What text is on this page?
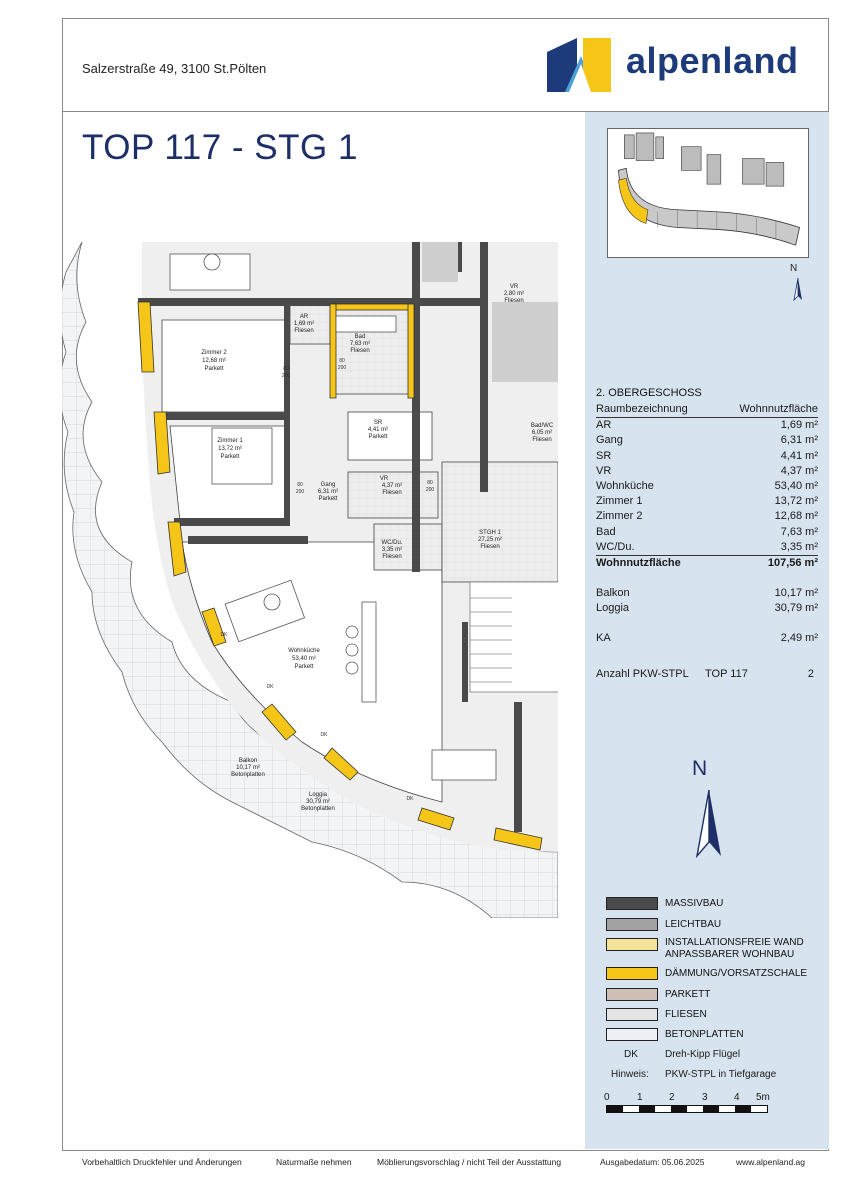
Salzerstraße 49, 3100 St.Pölten	alpenland
TOP 117 - STG 1
N
AR
1,69 m²
Fliesen
Bad
7,63 m²
Fliesen
Zimmer 2
12,68 m²
Parkett
Zimmer 1
13,72 m²
Parkett
SR
4,41 m²
Parkett
Gang
6,31 m²
Parkett
VR
4,37 m²
Fliesen
WC/Du.
3,35 m²
Fliesen
STGH 1
27,25 m²
Fliesen
Wohnküche
53,40 m²
Parkett
Balkon
10,17 m²
Betonplatten
Loggia
30,79 m²
Betonplatten
VR
2,80 m²
Fliesen
Bad/WC
6,05 m²
Fliesen
80
200
80
200
80
200
80
200
DK
DK
DK
DK
2. OBERGESCHOSS
Raumbezeichnung	Wohnnutzfläche
AR	1,69 m²
Gang	6,31 m²
SR	4,41 m²
VR	4,37 m²
Wohnküche	53,40 m²
Zimmer 1	13,72 m²
Zimmer 2	12,68 m²
Bad	7,63 m²
WC/Du.	3,35 m²
Wohnnutzfläche	107,56 m²
Balkon	10,17 m²
Loggia	30,79 m²
KA	2,49 m²
Anzahl PKW-STPL TOP 117	2
N
MASSIVBAU
LEICHTBAU
INSTALLATIONSFREIE WAND
ANPASSBARER WOHNBAU
DÄMMUNG/VORSATZSCHALE
PARKETT
FLIESEN
BETONPLATTEN
DK	Dreh-Kipp Flügel
Hinweis: PKW-STPL in Tiefgarage
0	1	2	3	4 5m
Vorbehaltlich Druckfehler und Änderungen	Naturmaße nehmen	Möblierungsvorschlag / nicht Teil der Ausstattung	Ausgabedatum: 05.06.2025	www.alpenland.ag
